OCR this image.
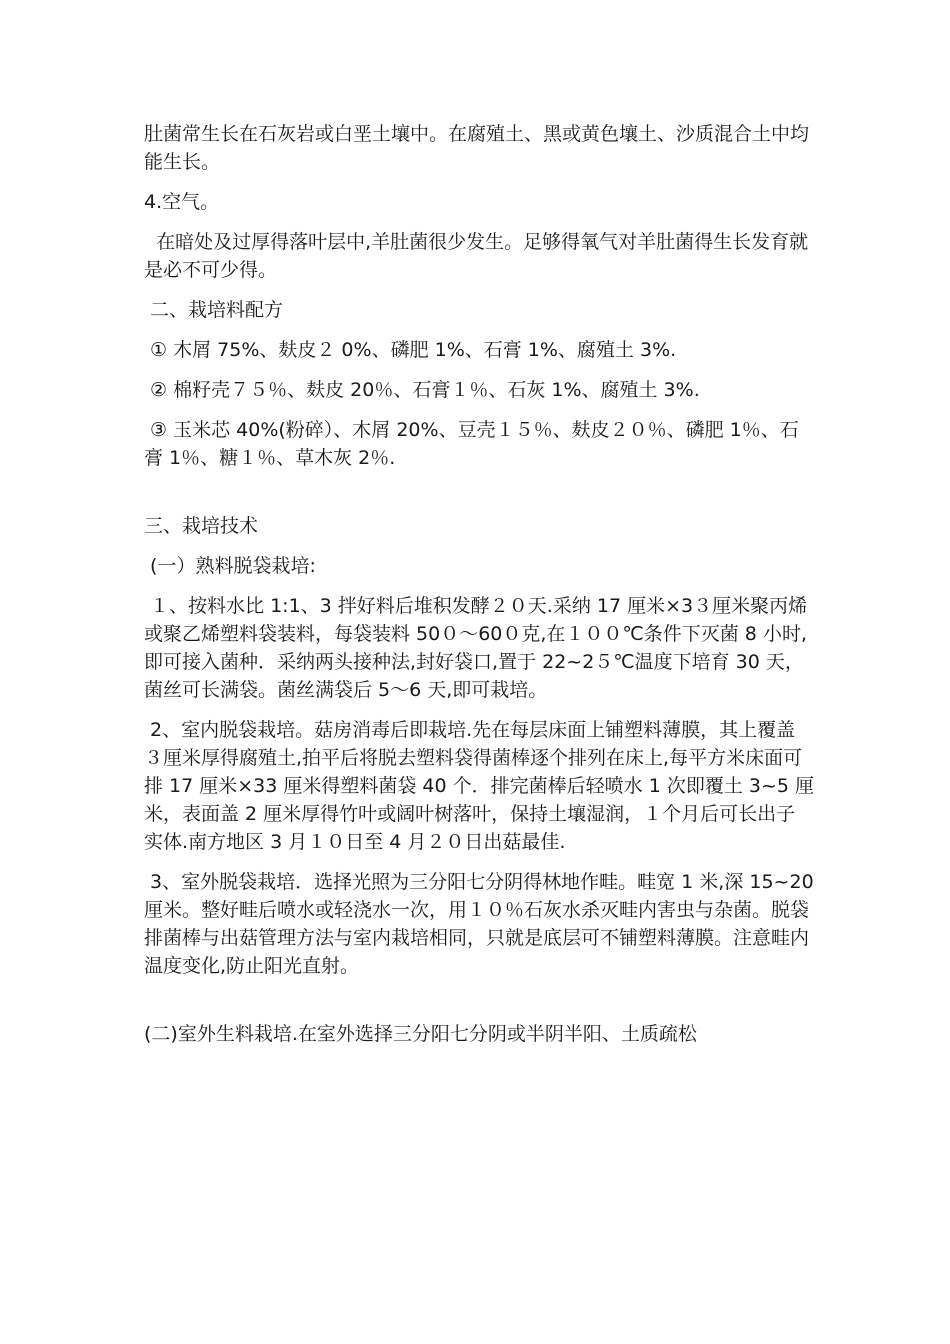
肚菌常生长在石灰岩或白垩土壤中。在腐殖土、黑或黄色壤土、沙质混合土中均能生长。

4.空气。

在暗处及过厚得落叶层中,羊肚菌很少发生。足够得氧气对羊肚菌得生长发育就是必不可少得。

二、栽培料配方

① 木屑 75%、麸皮２ 0%、磷肥 1%、石膏 1%、腐殖土 3%.

② 棉籽壳７５％、麸皮 20％、石膏１％、石灰 1%、腐殖土 3%.

③ 玉米芯 40%(粉碎）、木屑 20%、豆壳１５％、麸皮２０％、磷肥 1％、石膏 1％、糖１％、草木灰 2％.

三、栽培技术

(一）熟料脱袋栽培:

１、按料水比 1:1、3 拌好料后堆积发酵２０天.采纳 17 厘米×3３厘米聚丙烯或聚乙烯塑料袋装料，每袋装料 50０～60０克,在１００℃条件下灭菌 8 小时,即可接入菌种．采纳两头接种法,封好袋口,置于 22~2５℃温度下培育 30 天，菌丝可长满袋。菌丝满袋后 5～6 天,即可栽培。

2、室内脱袋栽培。菇房消毒后即栽培.先在每层床面上铺塑料薄膜，其上覆盖３厘米厚得腐殖土,拍平后将脱去塑料袋得菌棒逐个排列在床上,每平方米床面可排 17 厘米×33 厘米得塑料菌袋 40 个．排完菌棒后轻喷水 1 次即覆土 3~5 厘米，表面盖 2 厘米厚得竹叶或阔叶树落叶，保持土壤湿润，１个月后可长出子实体.南方地区 3 月１０日至 4 月２０日出菇最佳.

3、室外脱袋栽培．选择光照为三分阳七分阴得林地作畦。畦宽 1 米,深 15~20 厘米。整好畦后喷水或轻浇水一次，用１０％石灰水杀灭畦内害虫与杂菌。脱袋排菌棒与出菇管理方法与室内栽培相同，只就是底层可不铺塑料薄膜。注意畦内温度变化,防止阳光直射。

(二)室外生料栽培.在室外选择三分阳七分阴或半阴半阳、土质疏松
